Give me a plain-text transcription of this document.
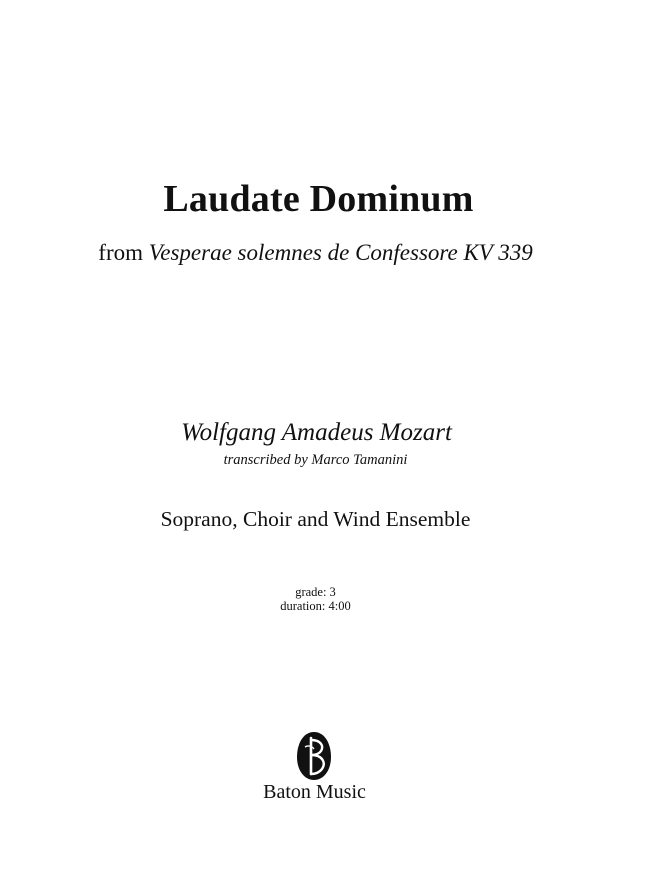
Laudate Dominum
from Vesperae solemnes de Confessore KV 339
Wolfgang Amadeus Mozart
transcribed by Marco Tamanini
Soprano, Choir and Wind Ensemble
grade: 3
duration: 4:00
Baton Music
